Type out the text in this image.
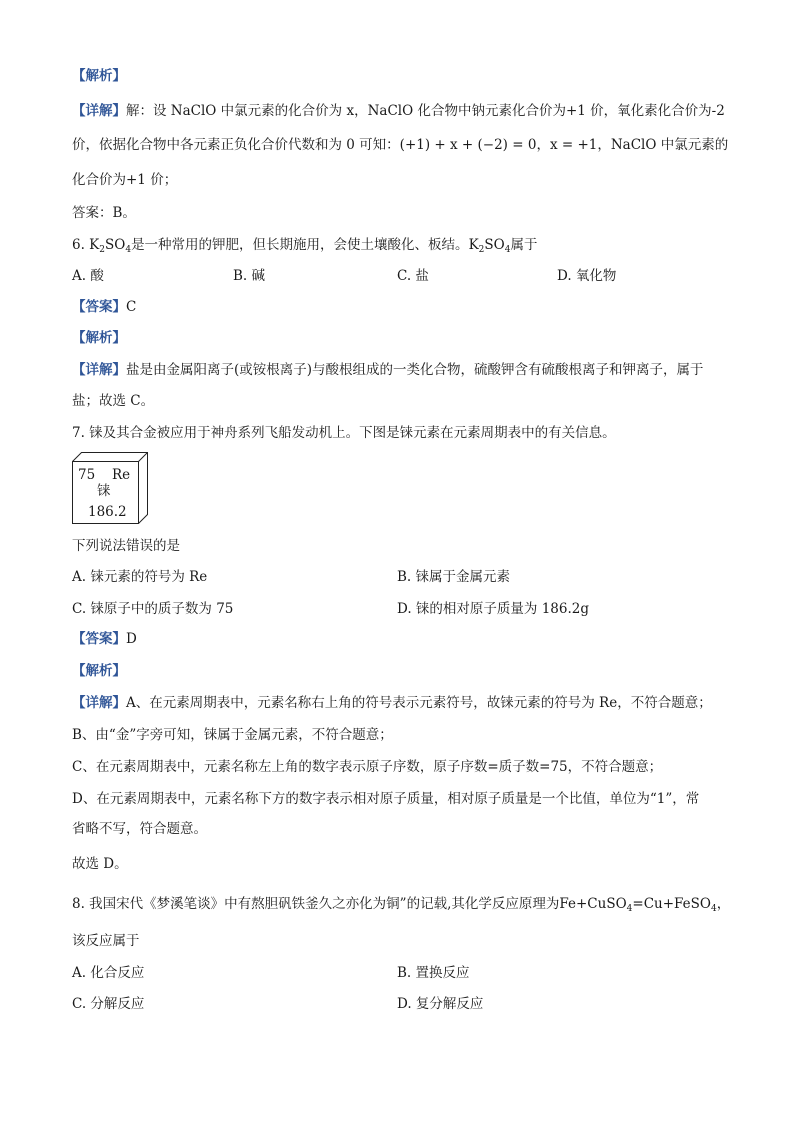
【解析】
【详解】解：设 NaClO 中氯元素的化合价为 x，NaClO 化合物中钠元素化合价为+1 价，氧化素化合价为-2
价，依据化合物中各元素正负化合价代数和为 0 可知：(+1) + x + (−2) = 0，x = +1，NaClO 中氯元素的
化合价为+1 价；
答案：B。
6. $K_2SO_4$是一种常用的钾肥，但长期施用，会使土壤酸化、板结。$K_2SO_4$属于
A. 酸	B. 碱	C. 盐	D. 氧化物
【答案】C
【解析】
【详解】盐是由金属阳离子(或铵根离子)与酸根组成的一类化合物，硫酸钾含有硫酸根离子和钾离子，属于
盐；故选 C。
7. 铼及其合金被应用于神舟系列飞船发动机上。下图是铼元素在元素周期表中的有关信息。
75 Re
铼
186.2
下列说法错误的是
A. 铼元素的符号为 Re	B. 铼属于金属元素
C. 铼原子中的质子数为 75	D. 铼的相对原子质量为 186.2g
【答案】D
【解析】
【详解】A、在元素周期表中，元素名称右上角的符号表示元素符号，故铼元素的符号为 Re，不符合题意；
B、由“金”字旁可知，铼属于金属元素，不符合题意；
C、在元素周期表中，元素名称左上角的数字表示原子序数，原子序数=质子数=75，不符合题意；
D、在元素周期表中，元素名称下方的数字表示相对原子质量，相对原子质量是一个比值，单位为“1”，常
省略不写，符合题意。
故选 D。
8. 我国宋代《梦溪笔谈》中有熬胆矾铁釜久之亦化为铜”的记载,其化学反应原理为Fe+CuSO$_4$=Cu+FeSO$_4$，
该反应属于
A. 化合反应	B. 置换反应
C. 分解反应	D. 复分解反应
